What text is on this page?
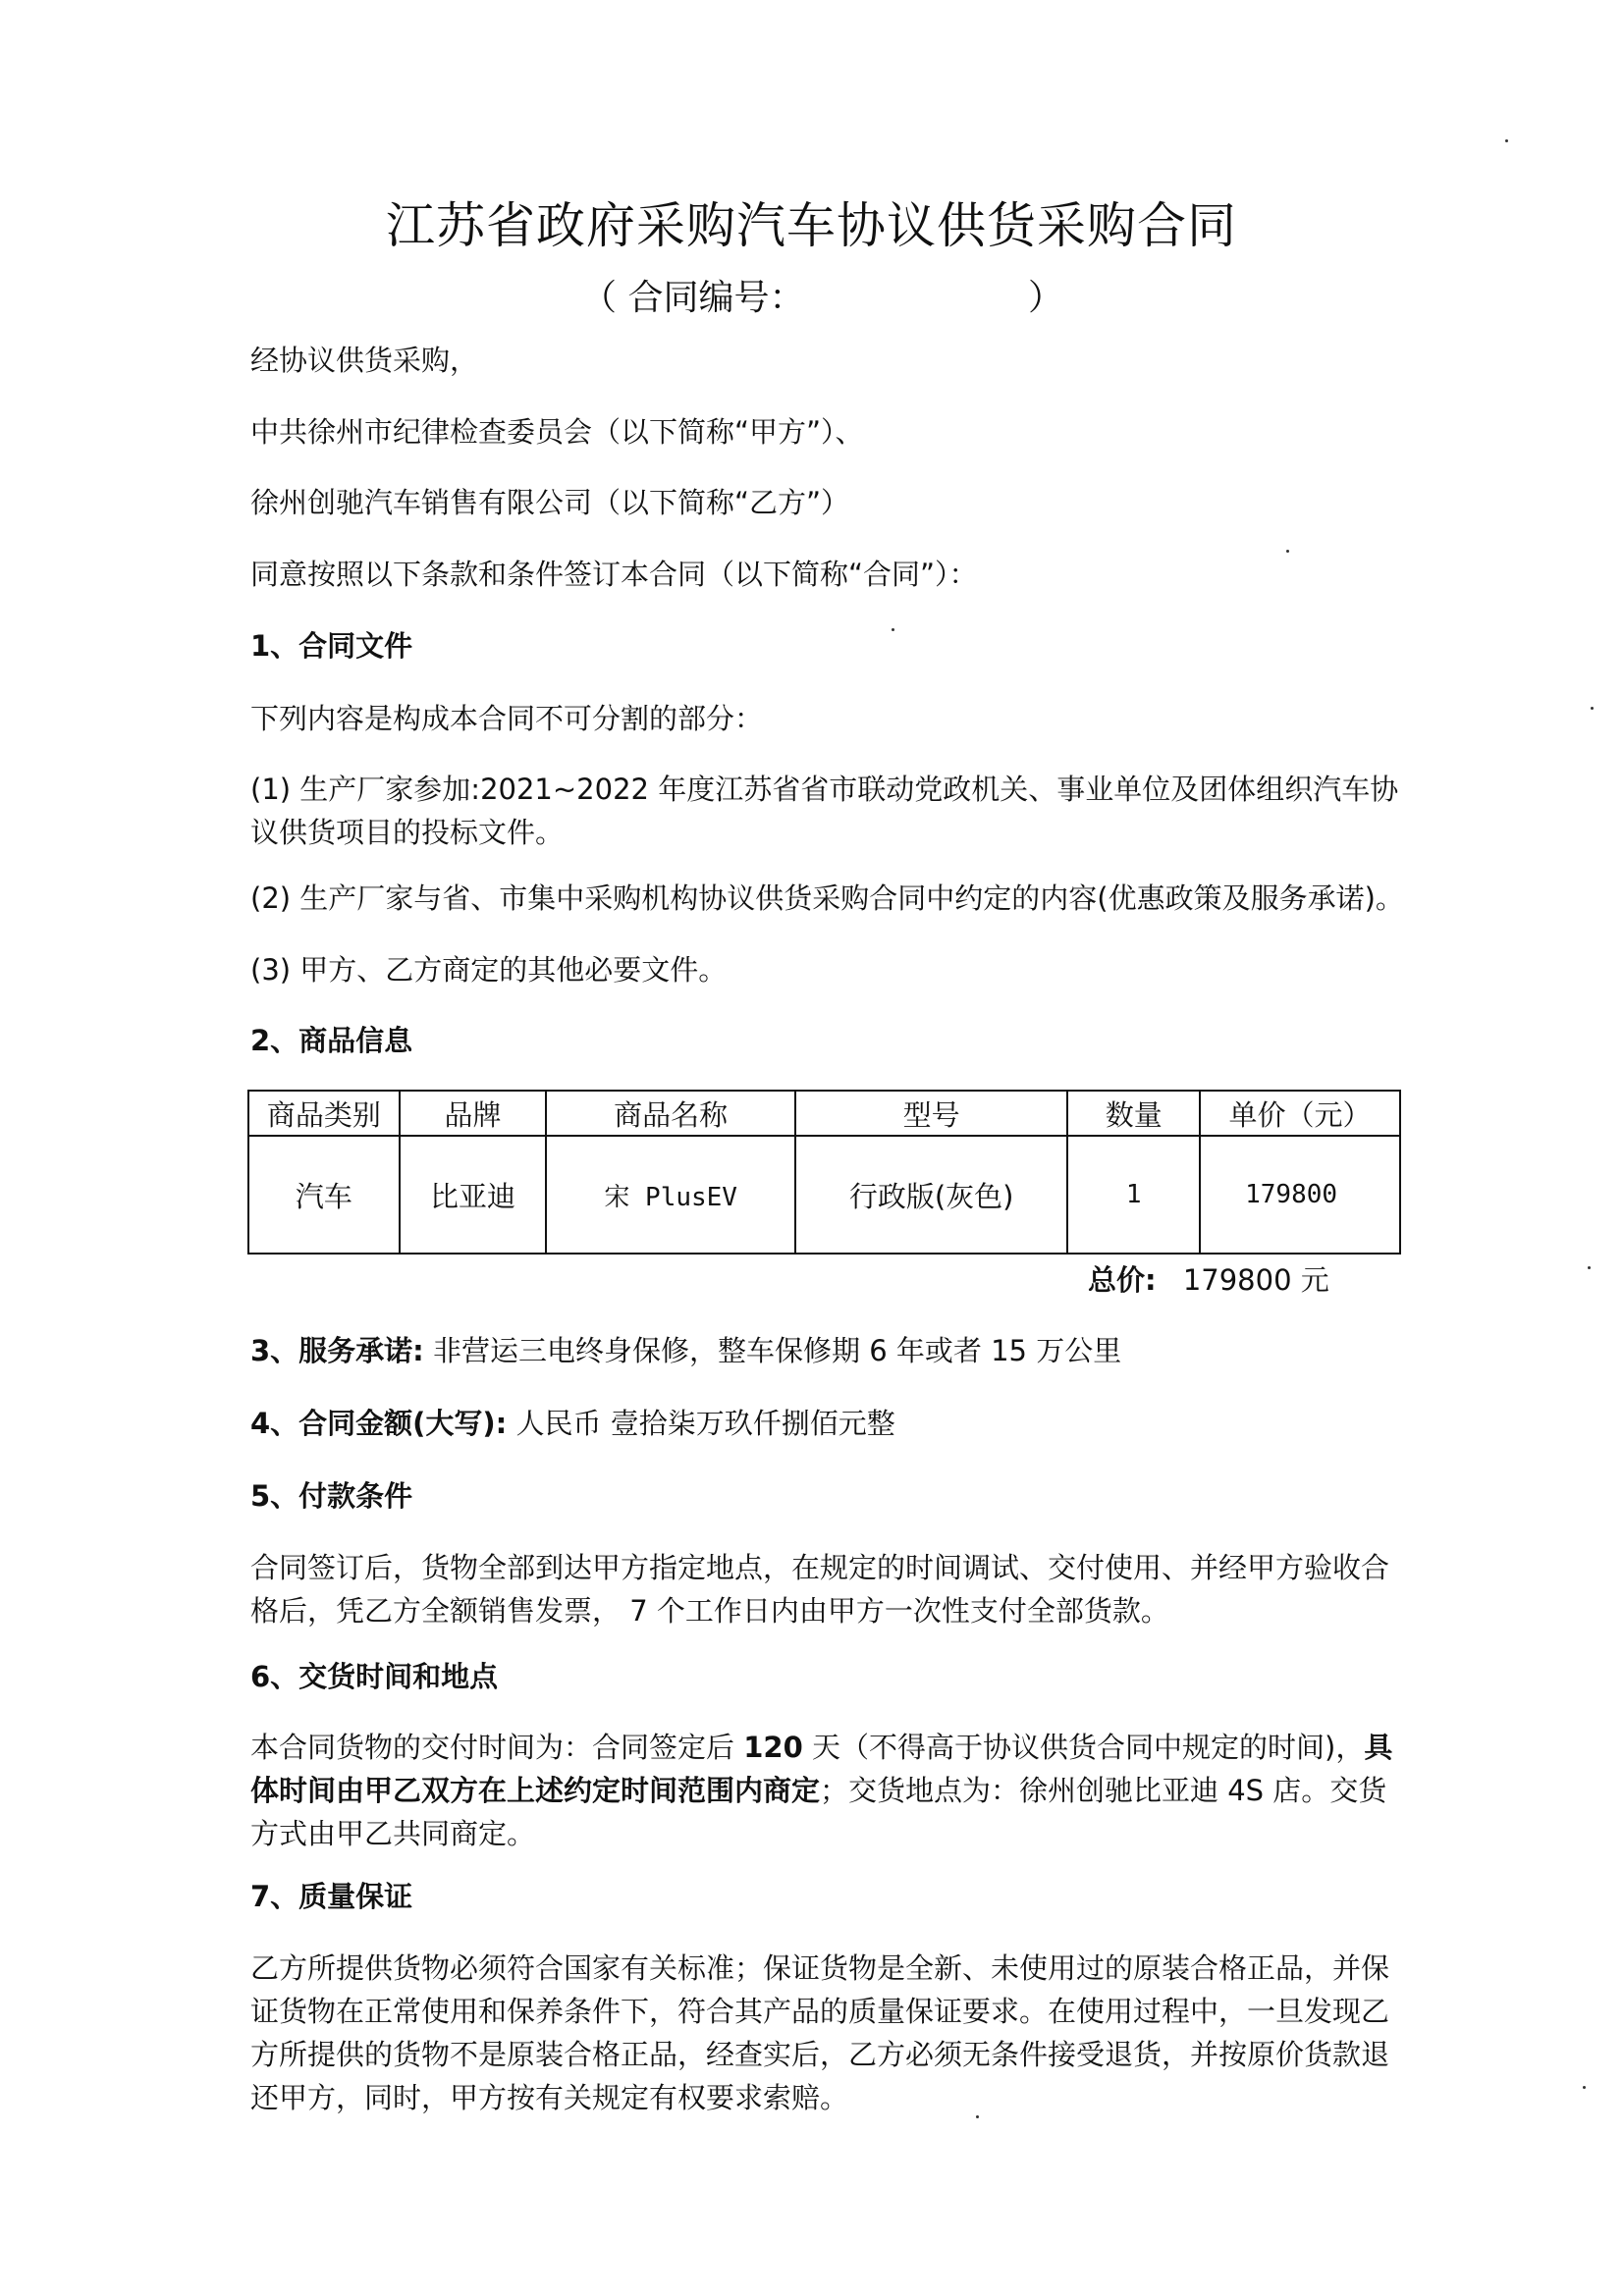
江苏省政府采购汽车协议供货采购合同
（ 合同编号：	）
经协议供货采购，
中共徐州市纪律检查委员会（以下简称“甲方”）、
徐州创驰汽车销售有限公司（以下简称“乙方”）
同意按照以下条款和条件签订本合同（以下简称“合同”）：
1、合同文件
下列内容是构成本合同不可分割的部分：
(1) 生产厂家参加:2021~2022 年度江苏省省市联动党政机关、事业单位及团体组织汽车协议供货项目的投标文件。
(2) 生产厂家与省、市集中采购机构协议供货采购合同中约定的内容(优惠政策及服务承诺)。
(3) 甲方、乙方商定的其他必要文件。
2、商品信息
商品类别	品牌	商品名称	型号	数量	单价（元）
汽车	比亚迪	宋 PlusEV	行政版(灰色)	1	179800
总价: 179800 元
3、服务承诺: 非营运三电终身保修，整车保修期 6 年或者 15 万公里
4、合同金额(大写): 人民币 壹拾柒万玖仟捌佰元整
5、付款条件
合同签订后，货物全部到达甲方指定地点，在规定的时间调试、交付使用、并经甲方验收合格后，凭乙方全额销售发票， 7 个工作日内由甲方一次性支付全部货款。
6、交货时间和地点
本合同货物的交付时间为：合同签定后 120 天（不得高于协议供货合同中规定的时间)，具体时间由甲乙双方在上述约定时间范围内商定；交货地点为：徐州创驰比亚迪 4S 店。交货方式由甲乙共同商定。
7、质量保证
乙方所提供货物必须符合国家有关标准；保证货物是全新、未使用过的原装合格正品，并保证货物在正常使用和保养条件下，符合其产品的质量保证要求。在使用过程中，一旦发现乙方所提供的货物不是原装合格正品，经查实后，乙方必须无条件接受退货，并按原价货款退还甲方，同时，甲方按有关规定有权要求索赔。
